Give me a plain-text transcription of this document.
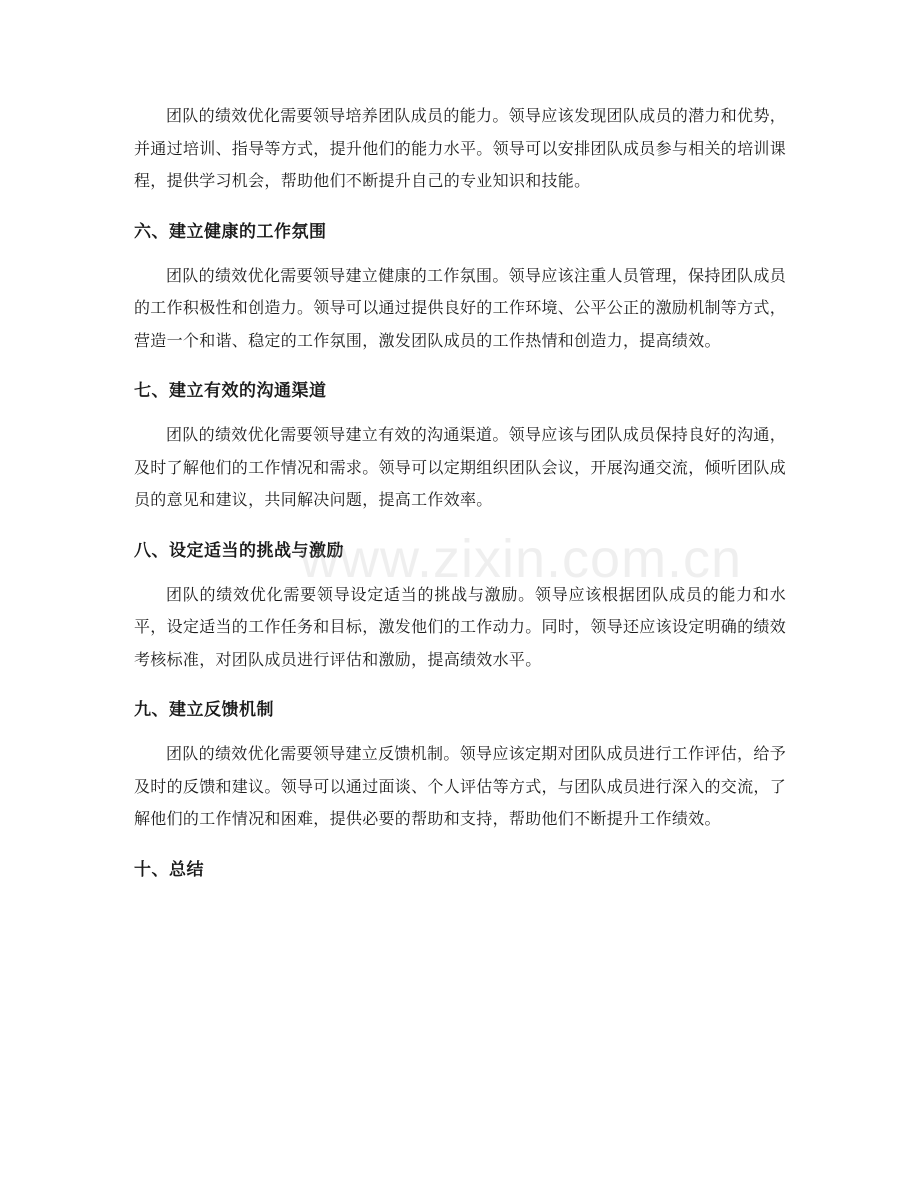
团队的绩效优化需要领导培养团队成员的能力。领导应该发现团队成员的潜力和优势，并通过培训、指导等方式，提升他们的能力水平。领导可以安排团队成员参与相关的培训课程，提供学习机会，帮助他们不断提升自己的专业知识和技能。

六、建立健康的工作氛围

团队的绩效优化需要领导建立健康的工作氛围。领导应该注重人员管理，保持团队成员的工作积极性和创造力。领导可以通过提供良好的工作环境、公平公正的激励机制等方式，营造一个和谐、稳定的工作氛围，激发团队成员的工作热情和创造力，提高绩效。

七、建立有效的沟通渠道

团队的绩效优化需要领导建立有效的沟通渠道。领导应该与团队成员保持良好的沟通，及时了解他们的工作情况和需求。领导可以定期组织团队会议，开展沟通交流，倾听团队成员的意见和建议，共同解决问题，提高工作效率。

八、设定适当的挑战与激励

团队的绩效优化需要领导设定适当的挑战与激励。领导应该根据团队成员的能力和水平，设定适当的工作任务和目标，激发他们的工作动力。同时，领导还应该设定明确的绩效考核标准，对团队成员进行评估和激励，提高绩效水平。

九、建立反馈机制

团队的绩效优化需要领导建立反馈机制。领导应该定期对团队成员进行工作评估，给予及时的反馈和建议。领导可以通过面谈、个人评估等方式，与团队成员进行深入的交流，了解他们的工作情况和困难，提供必要的帮助和支持，帮助他们不断提升工作绩效。

十、总结
www.zixin.com.cn
